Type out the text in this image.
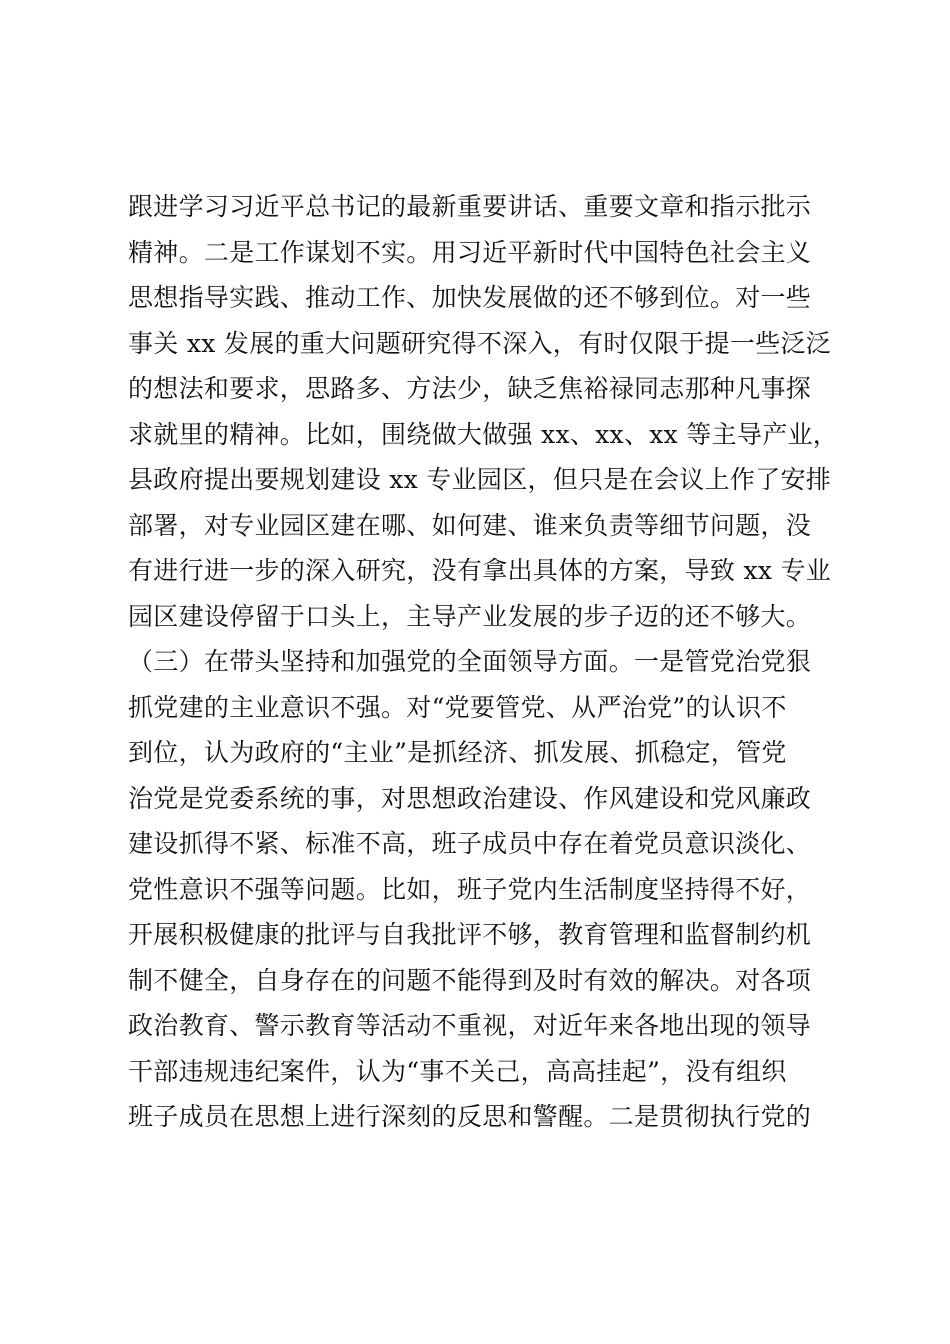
跟进学习习近平总书记的最新重要讲话、重要文章和指示批示
精神。二是工作谋划不实。用习近平新时代中国特色社会主义
思想指导实践、推动工作、加快发展做的还不够到位。对一些
事关 xx 发展的重大问题研究得不深入，有时仅限于提一些泛泛
的想法和要求，思路多、方法少，缺乏焦裕禄同志那种凡事探
求就里的精神。比如，围绕做大做强 xx、xx、xx 等主导产业，
县政府提出要规划建设 xx 专业园区，但只是在会议上作了安排
部署，对专业园区建在哪、如何建、谁来负责等细节问题，没
有进行进一步的深入研究，没有拿出具体的方案，导致 xx 专业
园区建设停留于口头上，主导产业发展的步子迈的还不够大。
（三）在带头坚持和加强党的全面领导方面。一是管党治党狠
抓党建的主业意识不强。对“党要管党、从严治党”的认识不
到位，认为政府的“主业”是抓经济、抓发展、抓稳定，管党
治党是党委系统的事，对思想政治建设、作风建设和党风廉政
建设抓得不紧、标准不高，班子成员中存在着党员意识淡化、
党性意识不强等问题。比如，班子党内生活制度坚持得不好，
开展积极健康的批评与自我批评不够，教育管理和监督制约机
制不健全，自身存在的问题不能得到及时有效的解决。对各项
政治教育、警示教育等活动不重视，对近年来各地出现的领导
干部违规违纪案件，认为“事不关己，高高挂起”，没有组织
班子成员在思想上进行深刻的反思和警醒。二是贯彻执行党的
